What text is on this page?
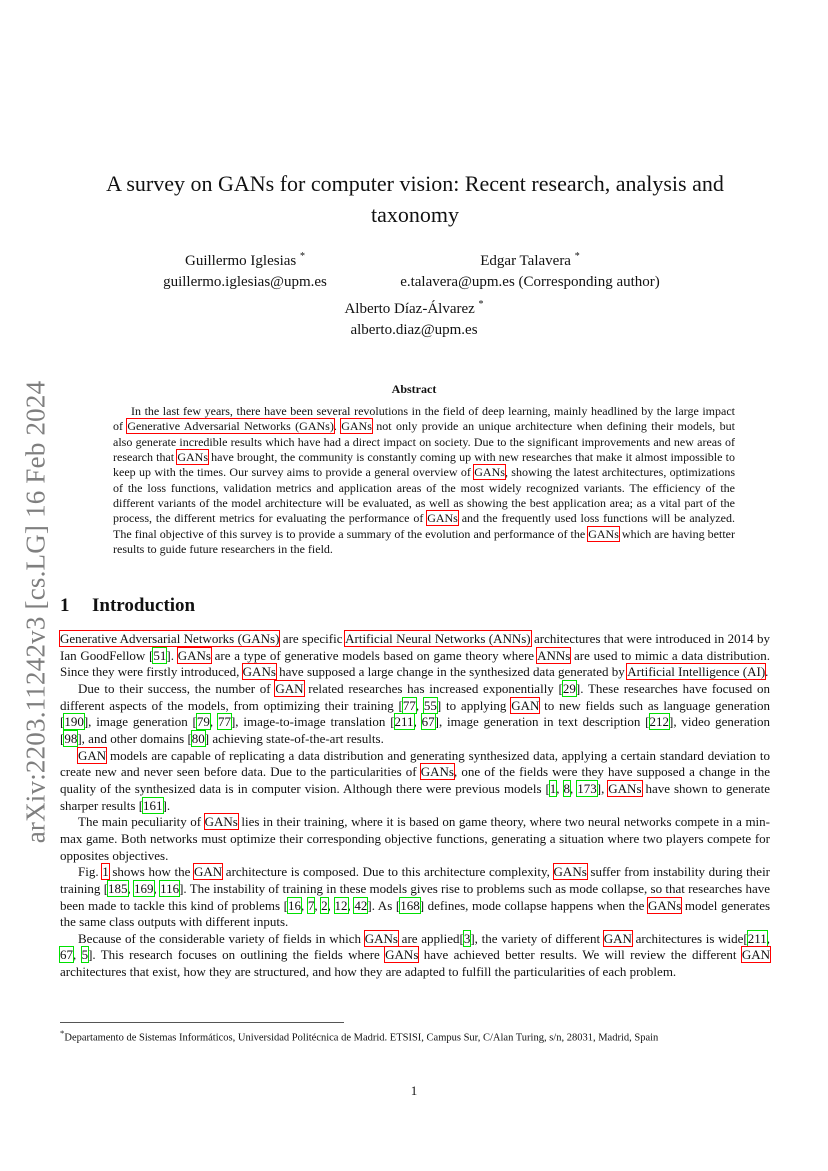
arXiv:2203.11242v3 [cs.LG] 16 Feb 2024
A survey on GANs for computer vision: Recent research, analysis and taxonomy
Guillermo Iglesias *
guillermo.iglesias@upm.es
Edgar Talavera *
e.talavera@upm.es (Corresponding author)
Alberto Díaz-Álvarez *
alberto.diaz@upm.es
Abstract

In the last few years, there have been several revolutions in the field of deep learning, mainly headlined by the large impact of Generative Adversarial Networks (GANs). GANs not only provide an unique architecture when defining their models, but also generate incredible results which have had a direct impact on society. Due to the significant improvements and new areas of research that GANs have brought, the community is constantly coming up with new researches that make it almost impossible to keep up with the times. Our survey aims to provide a general overview of GANs, showing the latest architectures, optimizations of the loss functions, validation metrics and application areas of the most widely recognized variants. The efficiency of the different variants of the model architecture will be evaluated, as well as showing the best application area; as a vital part of the process, the different metrics for evaluating the performance of GANs and the frequently used loss functions will be analyzed. The final objective of this survey is to provide a summary of the evolution and performance of the GANs which are having better results to guide future researchers in the field.

1 Introduction

Generative Adversarial Networks (GANs) are specific Artificial Neural Networks (ANNs) architectures that were introduced in 2014 by Ian GoodFellow [51]. GANs are a type of generative models based on game theory where ANNs are used to mimic a data distribution. Since they were firstly introduced, GANs have supposed a large change in the synthesized data generated by Artificial Intelligence (AI).

Due to their success, the number of GAN related researches has increased exponentially [29]. These researches have focused on different aspects of the models, from optimizing their training [77, 55] to applying GAN to new fields such as language generation [190], image generation [79, 77], image-to-image translation [211, 67], image generation in text description [212], video generation [98], and other domains [80] achieving state-of-the-art results.

GAN models are capable of replicating a data distribution and generating synthesized data, applying a certain standard deviation to create new and never seen before data. Due to the particularities of GANs, one of the fields were they have supposed a change in the quality of the synthesized data is in computer vision. Although there were previous models [1, 8, 173], GANs have shown to generate sharper results [161].

The main peculiarity of GANs lies in their training, where it is based on game theory, where two neural networks compete in a min-max game. Both networks must optimize their corresponding objective functions, generating a situation where two players compete for opposites objectives.

Fig. 1 shows how the GAN architecture is composed. Due to this architecture complexity, GANs suffer from instability during their training [185, 169, 116]. The instability of training in these models gives rise to problems such as mode collapse, so that researches have been made to tackle this kind of problems [16, 7, 2, 12, 42]. As [168] defines, mode collapse happens when the GANs model generates the same class outputs with different inputs.

Because of the considerable variety of fields in which GANs are applied[3], the variety of different GAN architectures is wide[211, 67, 5]. This research focuses on outlining the fields where GANs have achieved better results. We will review the different GAN architectures that exist, how they are structured, and how they are adapted to fulfill the particularities of each problem.

*Departamento de Sistemas Informáticos, Universidad Politécnica de Madrid. ETSISI, Campus Sur, C/Alan Turing, s/n, 28031, Madrid, Spain
1
